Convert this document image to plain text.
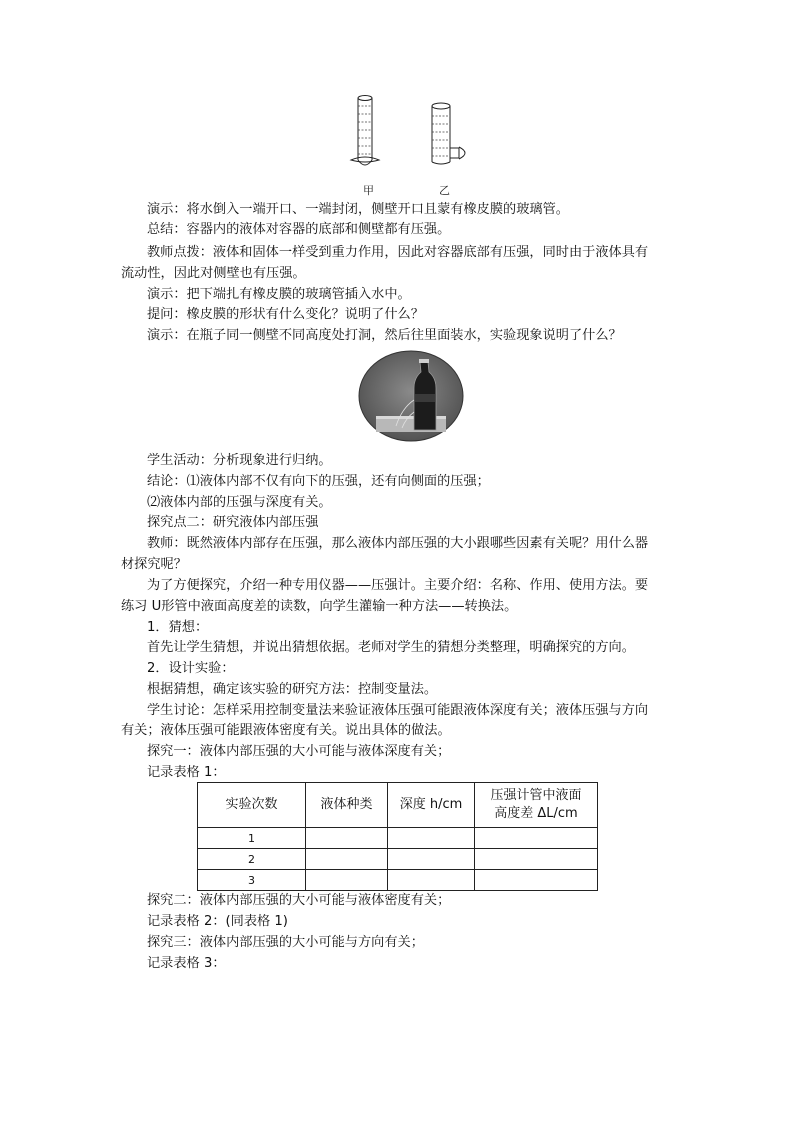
甲	乙
演示：将水倒入一端开口、一端封闭，侧壁开口且蒙有橡皮膜的玻璃管。
总结：容器内的液体对容器的底部和侧壁都有压强。
教师点拨：液体和固体一样受到重力作用，因此对容器底部有压强，同时由于液体具有
流动性，因此对侧壁也有压强。
演示：把下端扎有橡皮膜的玻璃管插入水中。
提问：橡皮膜的形状有什么变化？说明了什么？
演示：在瓶子同一侧壁不同高度处打洞，然后往里面装水，实验现象说明了什么？
学生活动：分析现象进行归纳。
结论：⑴液体内部不仅有向下的压强，还有向侧面的压强；
⑵液体内部的压强与深度有关。
探究点二：研究液体内部压强
教师：既然液体内部存在压强，那么液体内部压强的大小跟哪些因素有关呢？用什么器
材探究呢？
为了方便探究，介绍一种专用仪器——压强计。主要介绍：名称、作用、使用方法。要
练习 U形管中液面高度差的读数，向学生灌输一种方法——转换法。
1．猜想：
首先让学生猜想，并说出猜想依据。老师对学生的猜想分类整理，明确探究的方向。
2．设计实验：
根据猜想，确定该实验的研究方法：控制变量法。
学生讨论：怎样采用控制变量法来验证液体压强可能跟液体深度有关；液体压强与方向
有关；液体压强可能跟液体密度有关。说出具体的做法。
探究一：液体内部压强的大小可能与液体深度有关；
记录表格 1：
实验次数	液体种类	深度 h/cm	压强计管中液面
高度差 ΔL/cm

1			
2			
3			
探究二：液体内部压强的大小可能与液体密度有关；
记录表格 2：(同表格 1)
探究三：液体内部压强的大小可能与方向有关；
记录表格 3：
